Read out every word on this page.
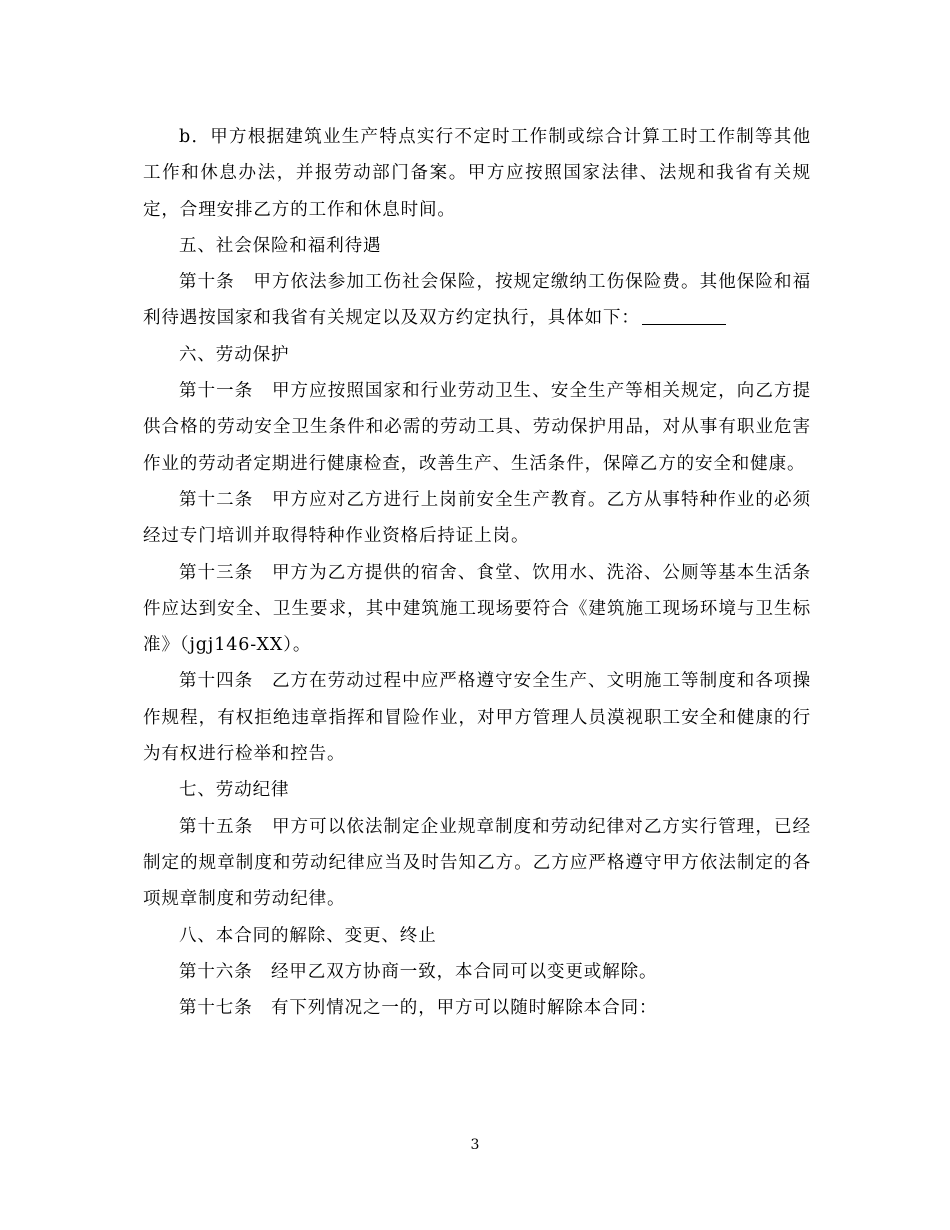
b．甲方根据建筑业生产特点实行不定时工作制或综合计算工时工作制等其他工作和休息办法，并报劳动部门备案。甲方应按照国家法律、法规和我省有关规定，合理安排乙方的工作和休息时间。

五、社会保险和福利待遇

第十条　甲方依法参加工伤社会保险，按规定缴纳工伤保险费。其他保险和福利待遇按国家和我省有关规定以及双方约定执行，具体如下：

六、劳动保护

第十一条　甲方应按照国家和行业劳动卫生、安全生产等相关规定，向乙方提供合格的劳动安全卫生条件和必需的劳动工具、劳动保护用品，对从事有职业危害作业的劳动者定期进行健康检查，改善生产、生活条件，保障乙方的安全和健康。

第十二条　甲方应对乙方进行上岗前安全生产教育。乙方从事特种作业的必须经过专门培训并取得特种作业资格后持证上岗。

第十三条　甲方为乙方提供的宿舍、食堂、饮用水、洗浴、公厕等基本生活条件应达到安全、卫生要求，其中建筑施工现场要符合《建筑施工现场环境与卫生标准》（jgj146-XX）。

第十四条　乙方在劳动过程中应严格遵守安全生产、文明施工等制度和各项操作规程，有权拒绝违章指挥和冒险作业，对甲方管理人员漠视职工安全和健康的行为有权进行检举和控告。

七、劳动纪律

第十五条　甲方可以依法制定企业规章制度和劳动纪律对乙方实行管理，已经制定的规章制度和劳动纪律应当及时告知乙方。乙方应严格遵守甲方依法制定的各项规章制度和劳动纪律。

八、本合同的解除、变更、终止

第十六条　经甲乙双方协商一致，本合同可以变更或解除。

第十七条　有下列情况之一的，甲方可以随时解除本合同：

3
